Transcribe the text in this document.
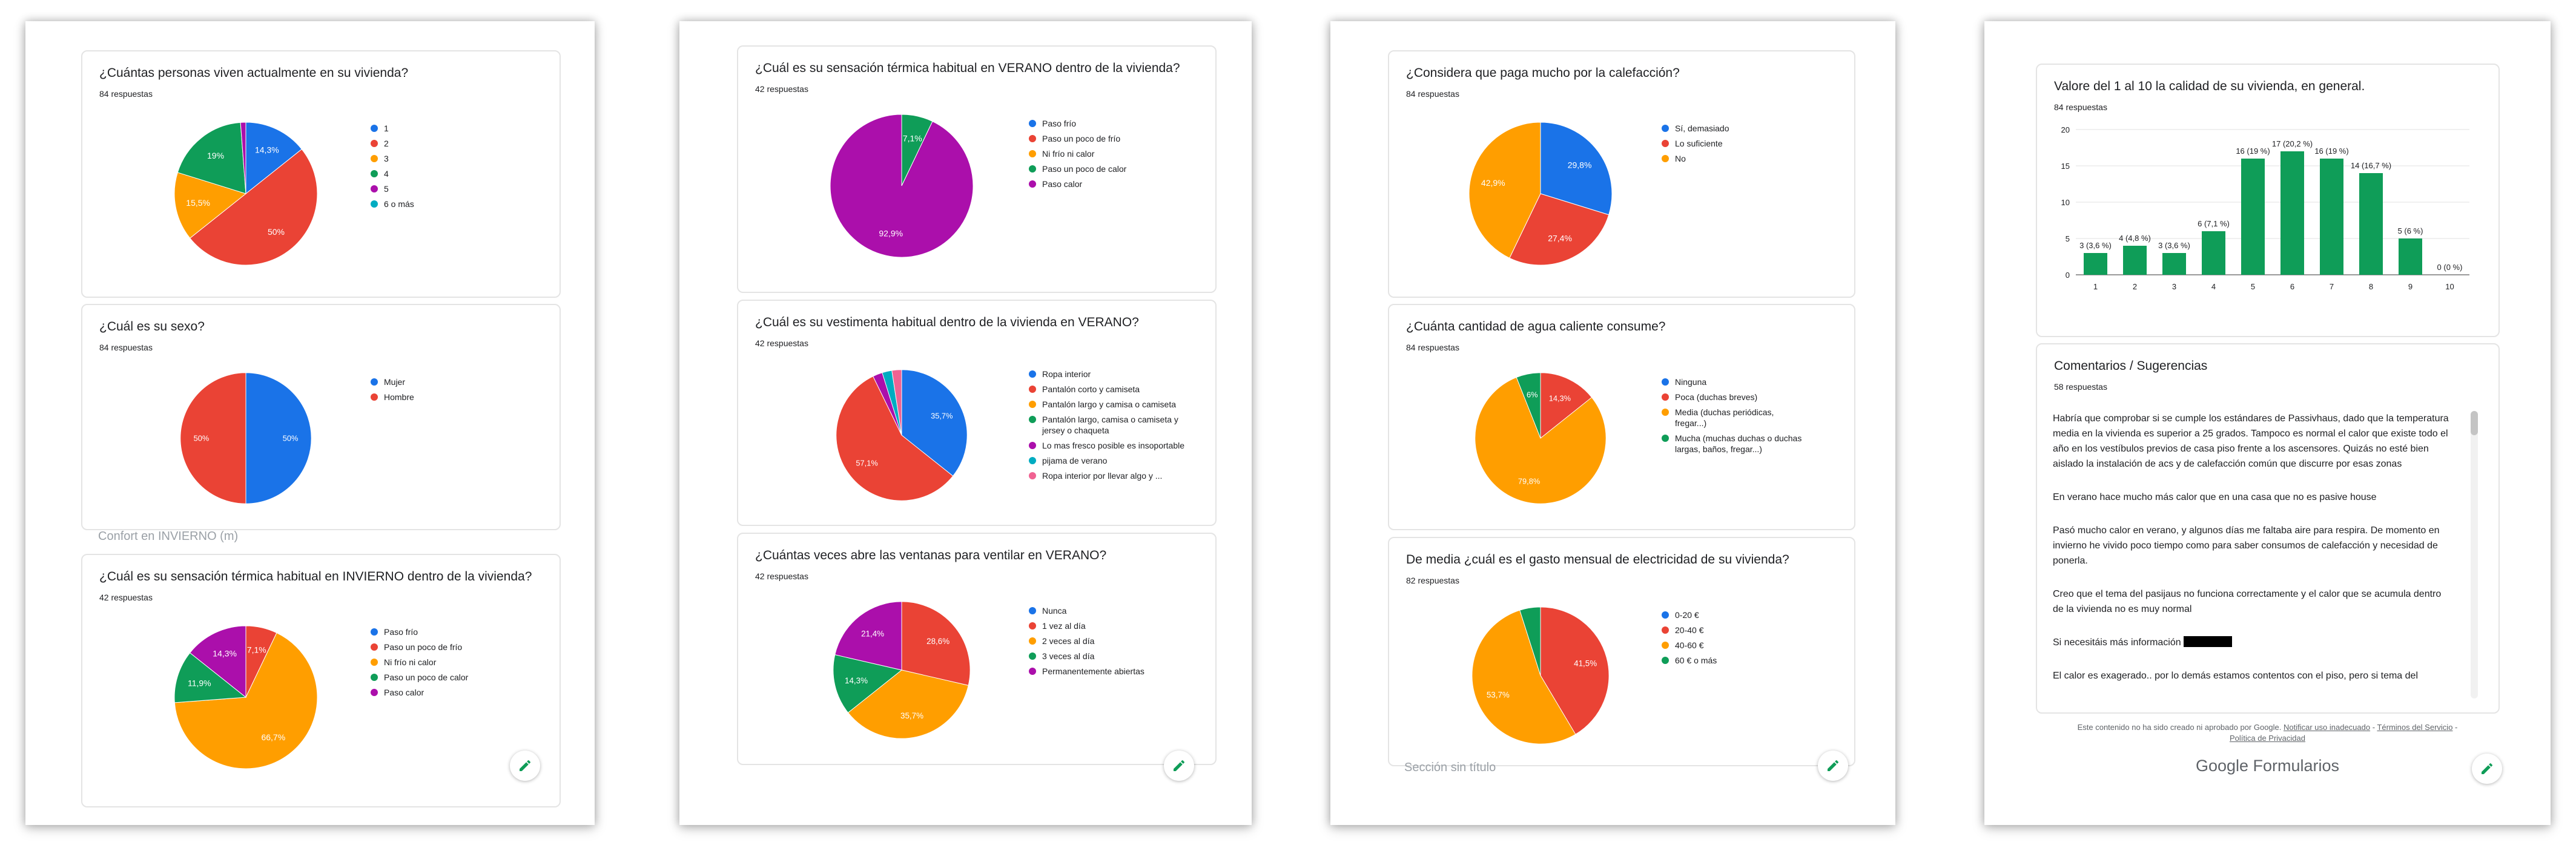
¿Cuántas personas viven actualmente en su vivienda?
84 respuestas
14,3%
50%
15,5%
19%
1
2
3
4
5
6 o más
¿Cuál es su sexo?
84 respuestas
50%
50%
Mujer
Hombre
Confort en INVIERNO (m)
¿Cuál es su sensación térmica habitual en INVIERNO dentro de la vivienda?
42 respuestas
7,1%
66,7%
11,9%
14,3%
Paso frío
Paso un poco de frío
Ni frío ni calor
Paso un poco de calor
Paso calor
¿Cuál es su sensación térmica habitual en VERANO dentro de la vivienda?
42 respuestas
7,1%
92,9%
Paso frío
Paso un poco de frío
Ni frío ni calor
Paso un poco de calor
Paso calor
¿Cuál es su vestimenta habitual dentro de la vivienda en VERANO?
42 respuestas
35,7%
57,1%
Ropa interior
Pantalón corto y camiseta
Pantalón largo y camisa o camiseta
Pantalón largo, camisa o camiseta y jersey o chaqueta
Lo mas fresco posible es insoportable
pijama de verano
Ropa interior por llevar algo y ...
¿Cuántas veces abre las ventanas para ventilar en VERANO?
42 respuestas
28,6%
35,7%
14,3%
21,4%
Nunca
1 vez al día
2 veces al día
3 veces al día
Permanentemente abiertas
¿Considera que paga mucho por la calefacción?
84 respuestas
29,8%
27,4%
42,9%
Sí, demasiado
Lo suficiente
No
¿Cuánta cantidad de agua caliente consume?
84 respuestas
14,3%
79,8%
6%
Ninguna
Poca (duchas breves)
Media (duchas periódicas, fregar...)
Mucha (muchas duchas o duchas largas, baños, fregar...)
De media ¿cuál es el gasto mensual de electricidad de su vivienda?
82 respuestas
41,5%
53,7%
0-20 €
20-40 €
40-60 €
60 € o más
Sección sin título
Valore del 1 al 10 la calidad de su vivienda, en general.
84 respuestas
0
5
10
15
20
3 (3,6 %)
1
4 (4,8 %)
2
3 (3,6 %)
3
6 (7,1 %)
4
16 (19 %)
5
17 (20,2 %)
6
16 (19 %)
7
14 (16,7 %)
8
5 (6 %)
9
0 (0 %)
10
Comentarios / Sugerencias
58 respuestas

Habría que comprobar si se cumple los estándares de Passivhaus, dado que la temperatura media en la vivienda es superior a 25 grados. Tampoco es normal el calor que existe todo el año en los vestíbulos previos de casa piso frente a los ascensores. Quizás no esté bien aislado la instalación de acs y de calefacción común que discurre por esas zonas

En verano hace mucho más calor que en una casa que no es pasive house

Pasó mucho calor en verano, y algunos días me faltaba aire para respira. De momento en invierno he vivido poco tiempo como para saber consumos de calefacción y necesidad de ponerla.

Creo que el tema del pasijaus no funciona correctamente y el calor que se acumula dentro de la vivienda no es muy normal

Si necesitáis más información

El calor es exagerado.. por lo demás estamos contentos con el piso, pero si tema del

Este contenido no ha sido creado ni aprobado por Google. Notificar uso inadecuado - Términos del Servicio -
Política de Privacidad
Google Formularios
